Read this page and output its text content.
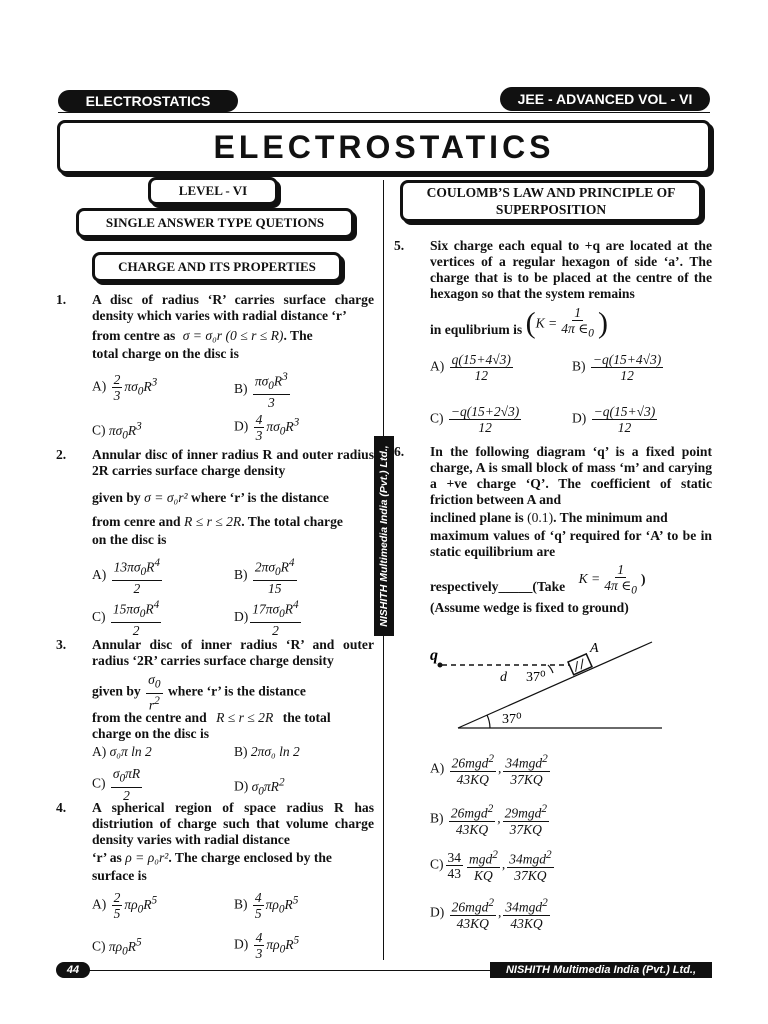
ELECTROSTATICS	JEE - ADVANCED VOL - VI
ELECTROSTATICS
LEVEL - VI
SINGLE ANSWER TYPE QUETIONS
CHARGE AND ITS PROPERTIES
1. A disc of radius ‘R’ carries surface charge density which varies with radial distance ‘r’
from centre as σ = σ₀r (0 ≤ r ≤ R). The
total charge on the disc is
$A) \frac{2}{3} \pi\sigma_0R^3$	$B) \frac{\pi\sigma_0R^3}{3}$
C) $\pi\sigma_0R^3$	$D) \frac{4}{3} \pi\sigma_0R^3$
2. Annular disc of inner radius R and outer radius 2R carries surface charge density
given by σ = σ₀r² where ‘r’ is the distance
from cenre and R ≤ r ≤ 2R. The total charge
on the disc is
$A) \frac{13\pi\sigma_0R^4}{2}$	$B) \frac{2\pi\sigma_0R^4}{15}$
$C) \frac{15\pi\sigma_0R^4}{2}$	$D) \frac{17\pi\sigma_0R^4}{2}$
3. Annular disc of inner radius ‘R’ and outer radius ‘2R’ carries surface charge density
given by $\frac{\sigma_0}{r^2}$ where ‘r’ is the distance
from the centre and R ≤ r ≤ 2R the total
charge on the disc is
A) σ₀π ln 2	B) 2πσ₀ ln 2
$C) \frac{\sigma_0\pi R}{2}$	D) $\sigma_0\pi R^2$
4. A spherical region of space radius R has distriution of charge such that volume charge density varies with radial distance
‘r’ as ρ = ρ₀r². The charge enclosed by the
surface is
$A) \frac{2}{5} \pi\rho_0R^5$	$B) \frac{4}{5} \pi\rho_0R^5$
C) $\pi\rho_0R^5$	$D) \frac{4}{3} \pi\rho_0R^5$
NISHITH Multimedia India (Pvt.) Ltd.,
COULOMB’S LAW AND PRINCIPLE OF SUPERPOSITION
5. Six charge each equal to +q are located at the vertices of a regular hexagon of side ‘a’. The charge that is to be placed at the centre of the hexagon so that the system remains
in equlibrium is ($K = \frac{1}{4\pi \in_0}$ )
$A) \frac{q(15+4√3)}{12}$	$B) \frac{-q(15+4√3)}{12}$
$C) \frac{-q(15+2√3)}{12}$	$D) \frac{-q(15+√3)}{12}$
6. In the following diagram ‘q’ is a fixed point charge, A is small block of mass ‘m’ and carying a +ve charge ‘Q’. The coefficient of static friction between A and
inclined plane is (0.1). The minimum and
maximum values of ‘q’ required for ‘A’ to be in static equilibrium are
respectively_____(Take $K = \frac{1}{4\pi \in_0}$ )
(Assume wedge is fixed to ground)
q	A
d 37⁰
37⁰
$A) \frac{26mgd^2}{43KQ}$ , $\frac{34mgd^2}{37KQ}$
$B) \frac{26mgd^2}{43KQ}$ , $\frac{29mgd^2}{37KQ}$
$C) \frac{34}{43} \frac{mgd^2}{KQ}$ , $\frac{34mgd^2}{37KQ}$
$D) \frac{26mgd^2}{43KQ}$ , $\frac{34mgd^2}{43KQ}$
44	NISHITH Multimedia India (Pvt.) Ltd.,
